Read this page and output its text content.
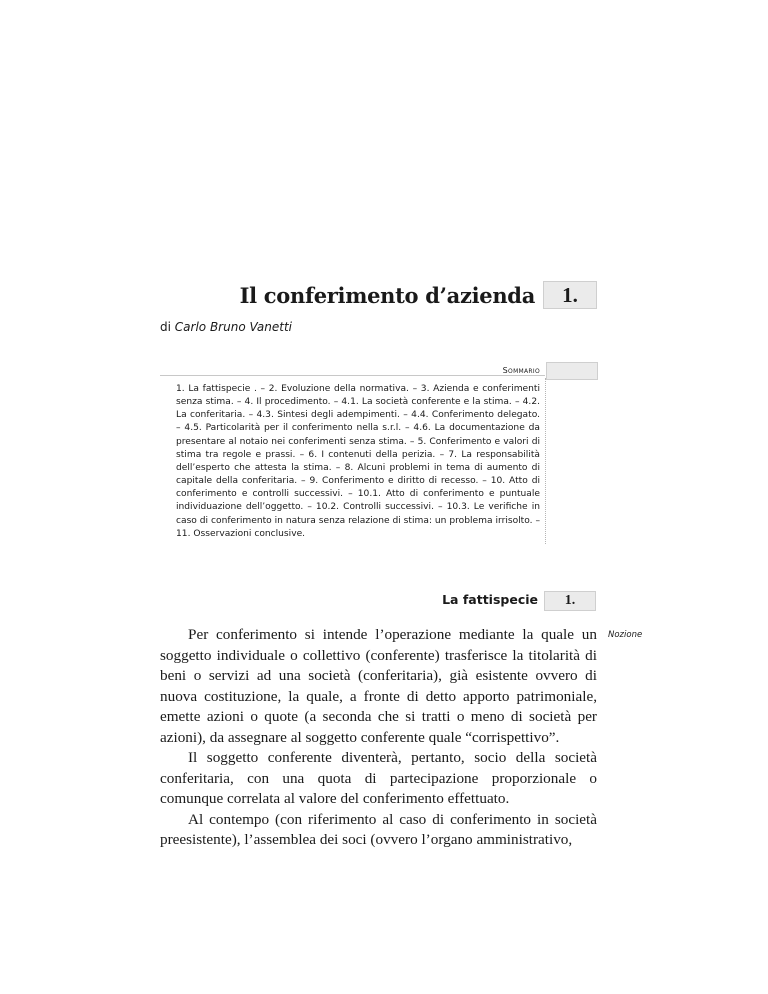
Il conferimento d’azienda	1.
di Carlo Bruno Vanetti
Sommario
1. La fattispecie . – 2. Evoluzione della normativa. – 3. Azienda e conferimenti senza stima. – 4. Il procedimento. – 4.1. La società conferente e la stima. – 4.2. La conferitaria. – 4.3. Sintesi degli adempimenti. – 4.4. Conferimento delegato. – 4.5. Particolarità per il conferimento nella s.r.l. – 4.6. La documentazione da presentare al notaio nei conferimenti senza stima. – 5. Conferimento e valori di stima tra regole e prassi. – 6. I contenuti della perizia. – 7. La responsabilità dell’esperto che attesta la stima. – 8. Alcuni problemi in tema di aumento di capitale della conferitaria. – 9. Conferimento e diritto di recesso. – 10. Atto di conferimento e controlli successivi. – 10.1. Atto di conferimento e puntuale individuazione dell’oggetto. – 10.2. Controlli successivi. – 10.3. Le verifiche in caso di conferimento in natura senza relazione di stima: un problema irrisolto. – 11. Osservazioni conclusive.
La fattispecie	1.

Per conferimento si intende l’operazione mediante la quale un soggetto individuale o collettivo (conferente) trasferisce la titolarità di beni o servizi ad una società (conferitaria), già esistente ovvero di nuova costituzione, la quale, a fronte di detto apporto patrimoniale, emette azioni o quote (a seconda che si tratti o meno di società per azioni), da assegnare al soggetto conferente quale “corrispettivo”.

Il soggetto conferente diventerà, pertanto, socio della società conferitaria, con una quota di partecipazione proporzionale o comunque correlata al valore del conferimento effettuato.

Al contempo (con riferimento al caso di conferimento in società preesistente), l’assemblea dei soci (ovvero l’organo amministrativo,

Nozione
